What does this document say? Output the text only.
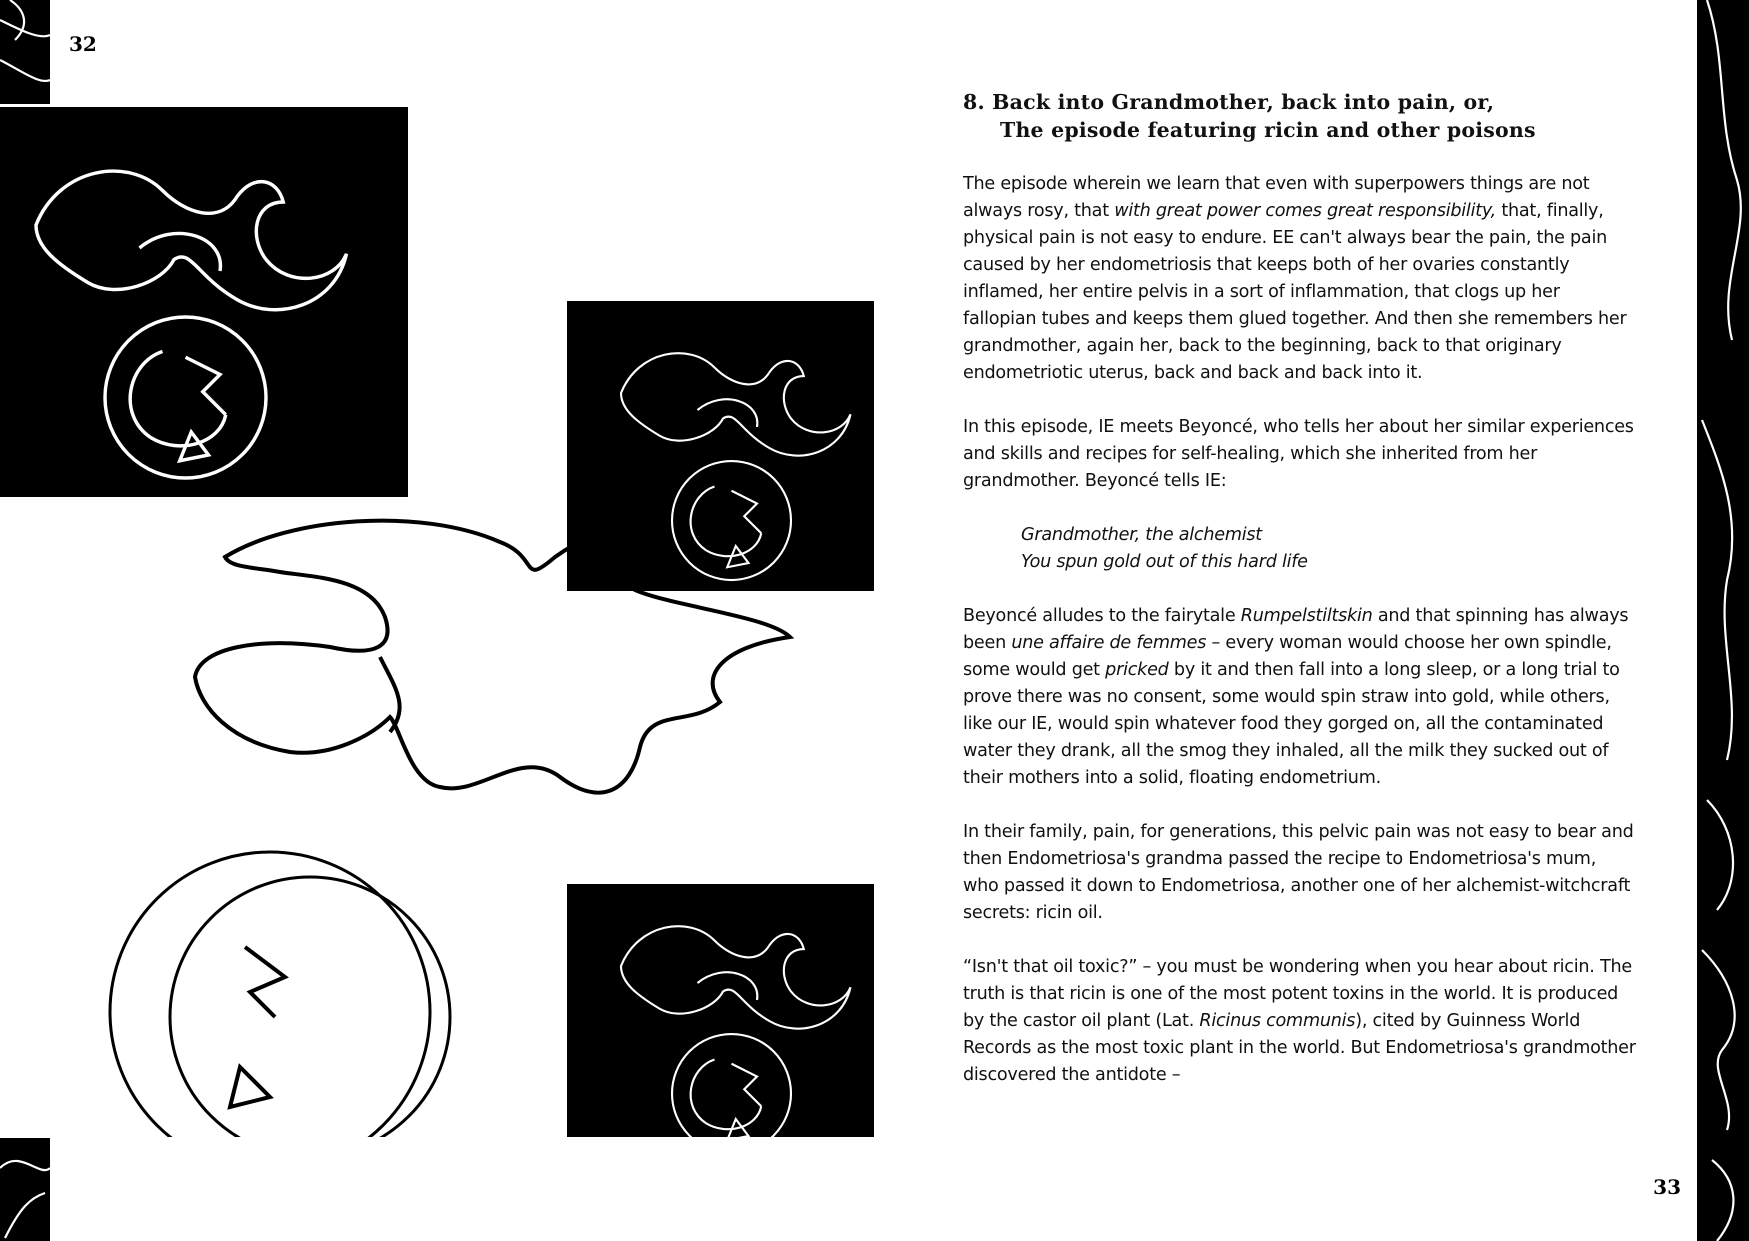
32
33
8. Back into Grandmother, back into pain, or,
The episode featuring ricin and other poisons

The episode wherein we learn that even with superpowers things are not always rosy, that with great power comes great responsibility, that, finally, physical pain is not easy to endure. EE can't always bear the pain, the pain caused by her endometriosis that keeps both of her ovaries constantly inflamed, her entire pelvis in a sort of inflammation, that clogs up her fallopian tubes and keeps them glued together. And then she remembers her grandmother, again her, back to the beginning, back to that originary endometriotic uterus, back and back and back into it.

In this episode, IE meets Beyoncé, who tells her about her similar experiences and skills and recipes for self-healing, which she inherited from her grandmother. Beyoncé tells IE:

Grandmother, the alchemist
You spun gold out of this hard life

Beyoncé alludes to the fairytale Rumpelstiltskin and that spinning has always been une affaire de femmes – every woman would choose her own spindle, some would get pricked by it and then fall into a long sleep, or a long trial to prove there was no consent, some would spin straw into gold, while others, like our IE, would spin whatever food they gorged on, all the contaminated water they drank, all the smog they inhaled, all the milk they sucked out of their mothers into a solid, floating endometrium.

In their family, pain, for generations, this pelvic pain was not easy to bear and then Endometriosa's grandma passed the recipe to Endometriosa's mum, who passed it down to Endometriosa, another one of her alchemist-witchcraft secrets: ricin oil.

“Isn't that oil toxic?” – you must be wondering when you hear about ricin. The truth is that ricin is one of the most potent toxins in the world. It is produced by the castor oil plant (Lat. Ricinus communis), cited by Guinness World Records as the most toxic plant in the world. But Endometriosa's grandmother discovered the antidote –
